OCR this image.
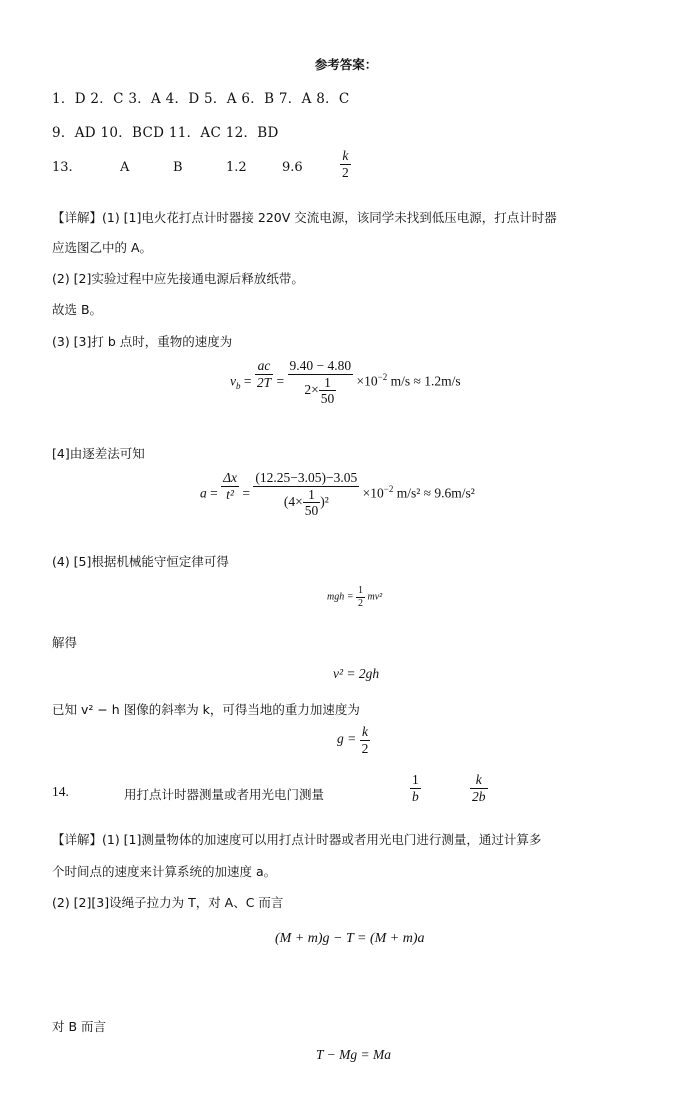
参考答案：
1．D 2．C 3．A 4．D 5．A 6．B 7．A 8．C
9．AD 10．BCD 11．AC 12．BD
13.	A	B	1.2	9.6	$\frac{k}{2}$
【详解】(1) [1]电火花打点计时器接 220V 交流电源，该同学未找到低压电源，打点计时器
应选图乙中的 A。
(2) [2]实验过程中应先接通电源后释放纸带。
故选 B。
(3) [3]打 b 点时，重物的速度为
$v_b = \frac{ac}{2T} = \frac{9.40 - 4.80}{2\times \frac{1}{50}} \times 10^{-2}$ m/s ≈ 1.2m/s
[4]由逐差法可知
$a = \frac{\Delta x}{\text{t²}} = \frac{(12.25-3.05)-3.05}{(4\times \frac{1}{50} )^2} \times 10^{-2}$ m/s² ≈ 9.6m/s²
(4) [5]根据机械能守恒定律可得
mgh = $\frac{1}{2} mv^2$
解得
v² = 2gh
已知 v² − h 图像的斜率为 k，可得当地的重力加速度为
$g = \frac{k}{2}$
14.	用打点计时器测量或者用光电门测量	$\frac{1}{b}$	$\frac{k}{2b}$
【详解】(1) [1]测量物体的加速度可以用打点计时器或者用光电门进行测量，通过计算多
个时间点的速度来计算系统的加速度 a。
(2) [2][3]设绳子拉力为 T，对 A、C 而言
(M + m)g − T = (M + m)a
对 B 而言
T − Mg = Ma
